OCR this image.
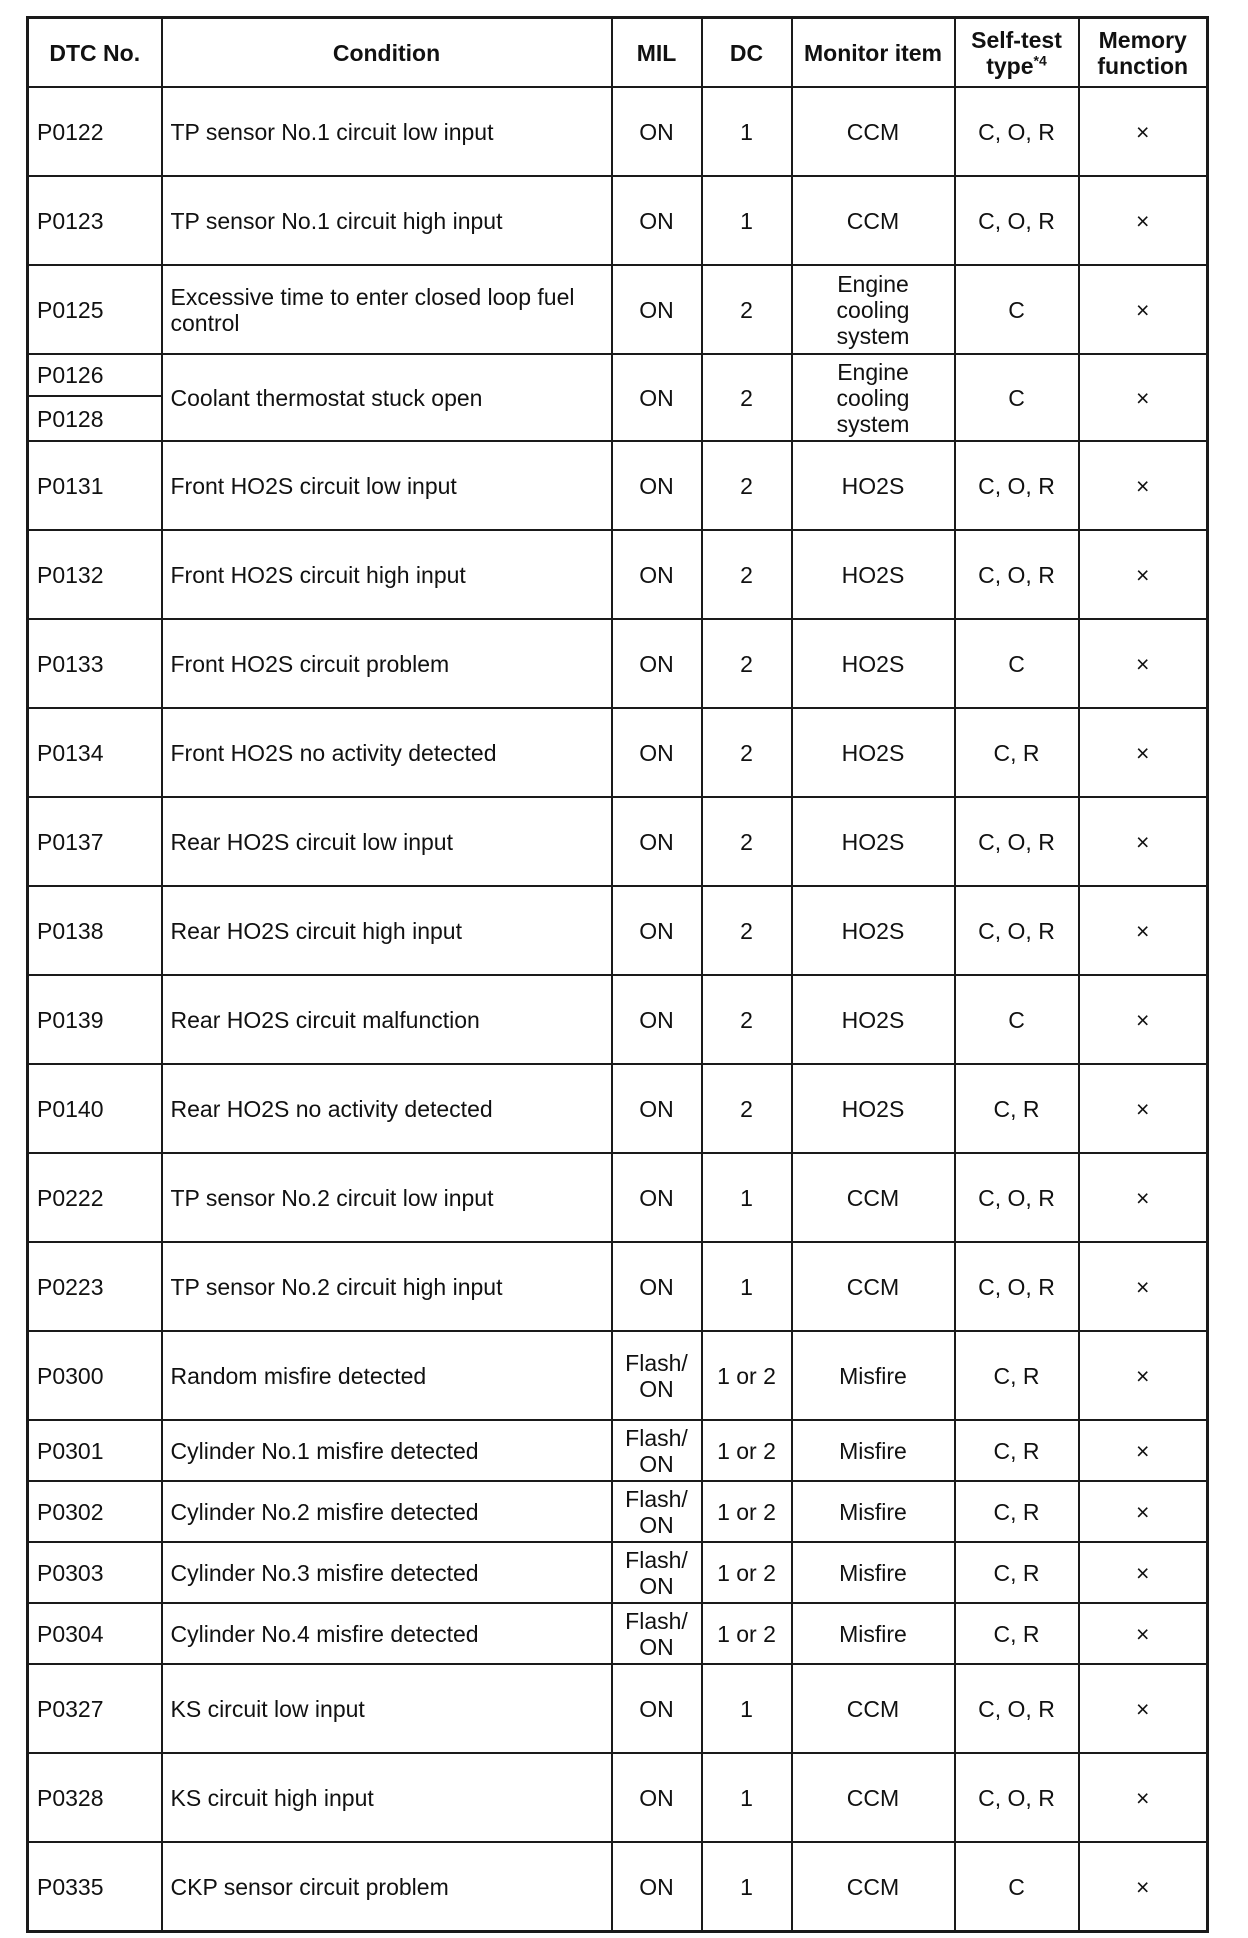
DTC No.	Condition	MIL	DC	Monitor item	Self-test type$^{*4}$	Memory function
P0122	TP sensor No.1 circuit low input	ON	1	CCM	C, O, R	×
P0123	TP sensor No.1 circuit high input	ON	1	CCM	C, O, R	×
P0125	Excessive time to enter closed loop fuel control	ON	2	Engine
cooling
system	C	×
P0126	Coolant thermostat stuck open	ON	2	Engine
cooling
system	C	×
P0128						
P0131	Front HO2S circuit low input	ON	2	HO2S	C, O, R	×
P0132	Front HO2S circuit high input	ON	2	HO2S	C, O, R	×
P0133	Front HO2S circuit problem	ON	2	HO2S	C	×
P0134	Front HO2S no activity detected	ON	2	HO2S	C, R	×
P0137	Rear HO2S circuit low input	ON	2	HO2S	C, O, R	×
P0138	Rear HO2S circuit high input	ON	2	HO2S	C, O, R	×
P0139	Rear HO2S circuit malfunction	ON	2	HO2S	C	×
P0140	Rear HO2S no activity detected	ON	2	HO2S	C, R	×
P0222	TP sensor No.2 circuit low input	ON	1	CCM	C, O, R	×
P0223	TP sensor No.2 circuit high input	ON	1	CCM	C, O, R	×
P0300	Random misfire detected	Flash/
ON	1 or 2	Misfire	C, R	×
P0301	Cylinder No.1 misfire detected	Flash/
ON	1 or 2	Misfire	C, R	×
P0302	Cylinder No.2 misfire detected	Flash/
ON	1 or 2	Misfire	C, R	×
P0303	Cylinder No.3 misfire detected	Flash/
ON	1 or 2	Misfire	C, R	×
P0304	Cylinder No.4 misfire detected	Flash/
ON	1 or 2	Misfire	C, R	×
P0327	KS circuit low input	ON	1	CCM	C, O, R	×
P0328	KS circuit high input	ON	1	CCM	C, O, R	×
P0335	CKP sensor circuit problem	ON	1	CCM	C	×
